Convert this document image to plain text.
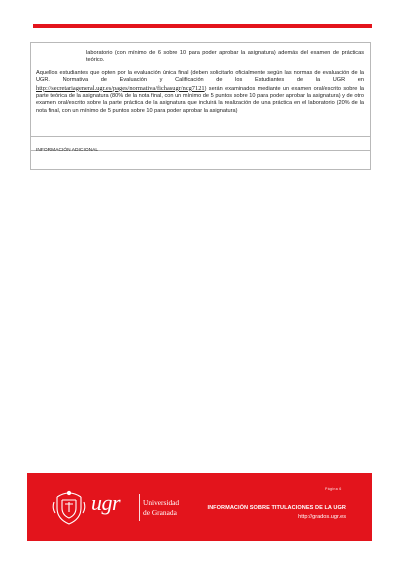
laboratorio (con mínimo de 6 sobre 10 para poder aprobar la asignatura) además del examen de prácticas teórico.

Aquellos estudiantes que opten por la evaluación única final (deben solicitarlo oficialmente según las normas de evaluación de la UGR. Normativa de Evaluación y Calificación de los Estudiantes de la UGR en http://secretariageneral.ugr.es/pages/normativa/fichasugr/ncg7121) serán examinados mediante un examen oral/escrito sobre la parte teórica de la asignatura (80% de la nota final, con un mínimo de 5 puntos sobre 10 para poder aprobar la asignatura) y de otro examen oral/escrito sobre la parte práctica de la asignatura que incluirá la realización de una práctica en el laboratorio (20% de la nota final, con un mínimo de 5 puntos sobre 10 para poder aprobar la asignatura)

INFORMACIÓN ADICIONAL
Página 6
ugr	Universidad
de Granada	INFORMACIÓN SOBRE TITULACIONES DE LA UGR
http://grados.ugr.es
